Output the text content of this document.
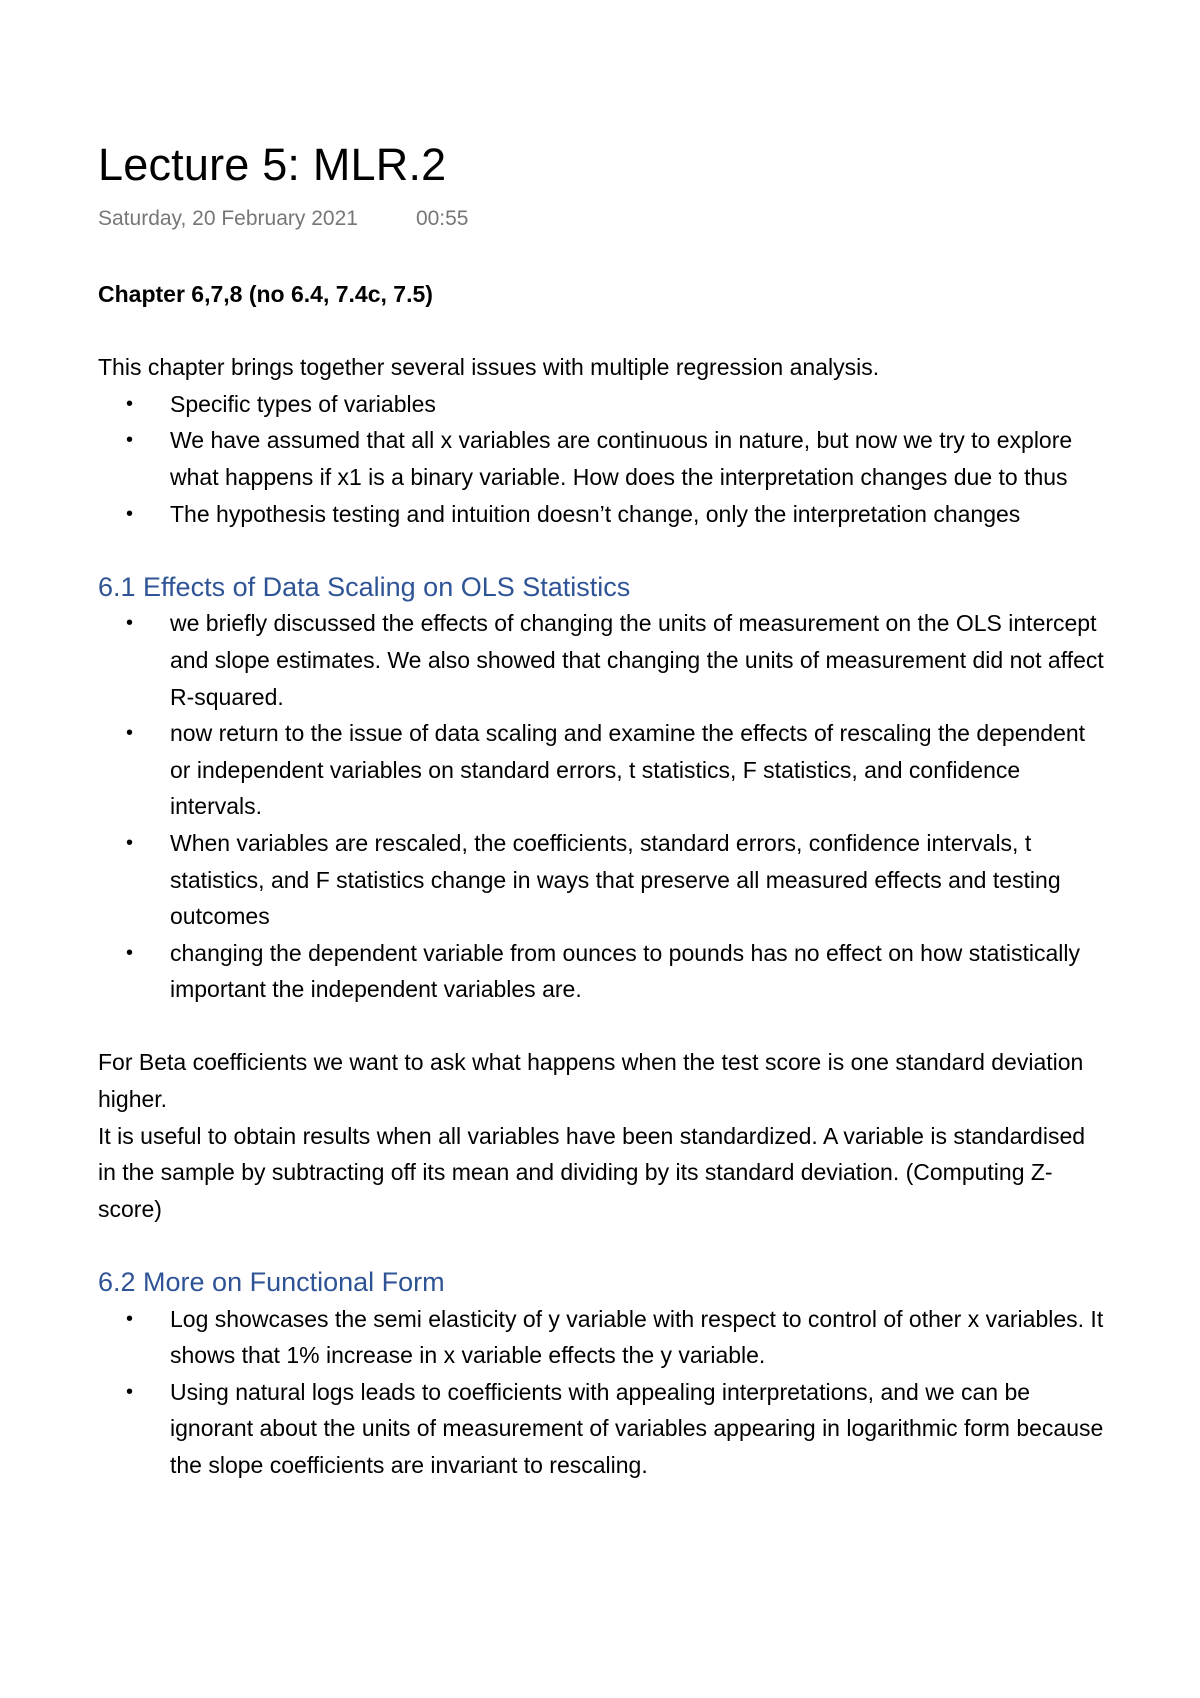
Lecture 5: MLR.2
Saturday, 20 February 2021	00:55

Chapter 6,7,8 (no 6.4, 7.4c, 7.5)

This chapter brings together several issues with multiple regression analysis.

• Specific types of variables
• We have assumed that all x variables are continuous in nature, but now we try to explore what happens if x1 is a binary variable. How does the interpretation changes due to thus
• The hypothesis testing and intuition doesn’t change, only the interpretation changes
6.1 Effects of Data Scaling on OLS Statistics
• we briefly discussed the effects of changing the units of measurement on the OLS intercept and slope estimates. We also showed that changing the units of measurement did not affect R-squared.
• now return to the issue of data scaling and examine the effects of rescaling the dependent or independent variables on standard errors, t statistics, F statistics, and confidence intervals.
• When variables are rescaled, the coefficients, standard errors, confidence intervals, t statistics, and F statistics change in ways that preserve all measured effects and testing outcomes
• changing the dependent variable from ounces to pounds has no effect on how statistically important the independent variables are.

For Beta coefficients we want to ask what happens when the test score is one standard deviation higher.

It is useful to obtain results when all variables have been standardized. A variable is standardised in the sample by subtracting off its mean and dividing by its standard deviation. (Computing Z-score)

6.2 More on Functional Form
• Log showcases the semi elasticity of y variable with respect to control of other x variables. It shows that 1% increase in x variable effects the y variable.
• Using natural logs leads to coefficients with appealing interpretations, and we can be ignorant about the units of measurement of variables appearing in logarithmic form because the slope coefficients are invariant to rescaling.
